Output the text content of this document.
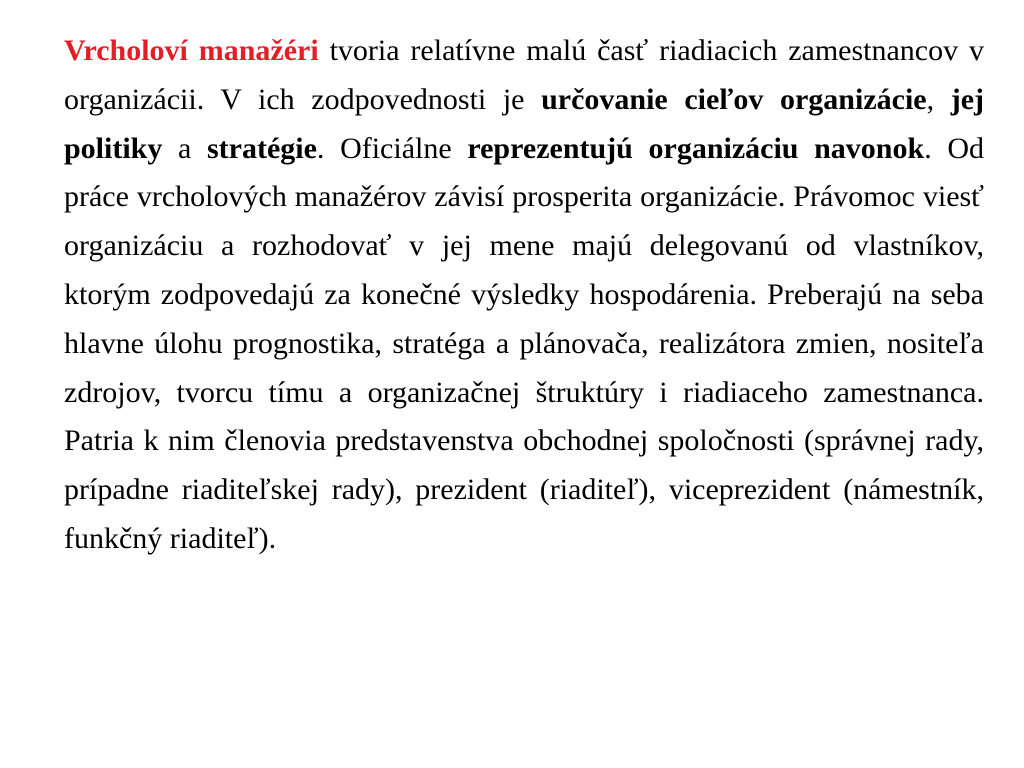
Vrcholoví manažéri tvoria relatívne malú časť riadiacich zamestnancov v organizácii. V ich zodpovednosti je určovanie cieľov organizácie, jej politiky a stratégie. Oficiálne reprezentujú organizáciu navonok. Od práce vrcholových manažérov závisí prosperita organizácie. Právomoc viesť organizáciu a rozhodovať v jej mene majú delegovanú od vlastníkov, ktorým zodpovedajú za konečné výsledky hospodárenia. Preberajú na seba hlavne úlohu prognostika, stratéga a plánovača, realizátora zmien, nositeľa zdrojov, tvorcu tímu a organizačnej štruktúry i riadiaceho zamestnanca. Patria k nim členovia predstavenstva obchodnej spoločnosti (správnej rady, prípadne riaditeľskej rady), prezident (riaditeľ), viceprezident (námestník, funkčný riaditeľ).
